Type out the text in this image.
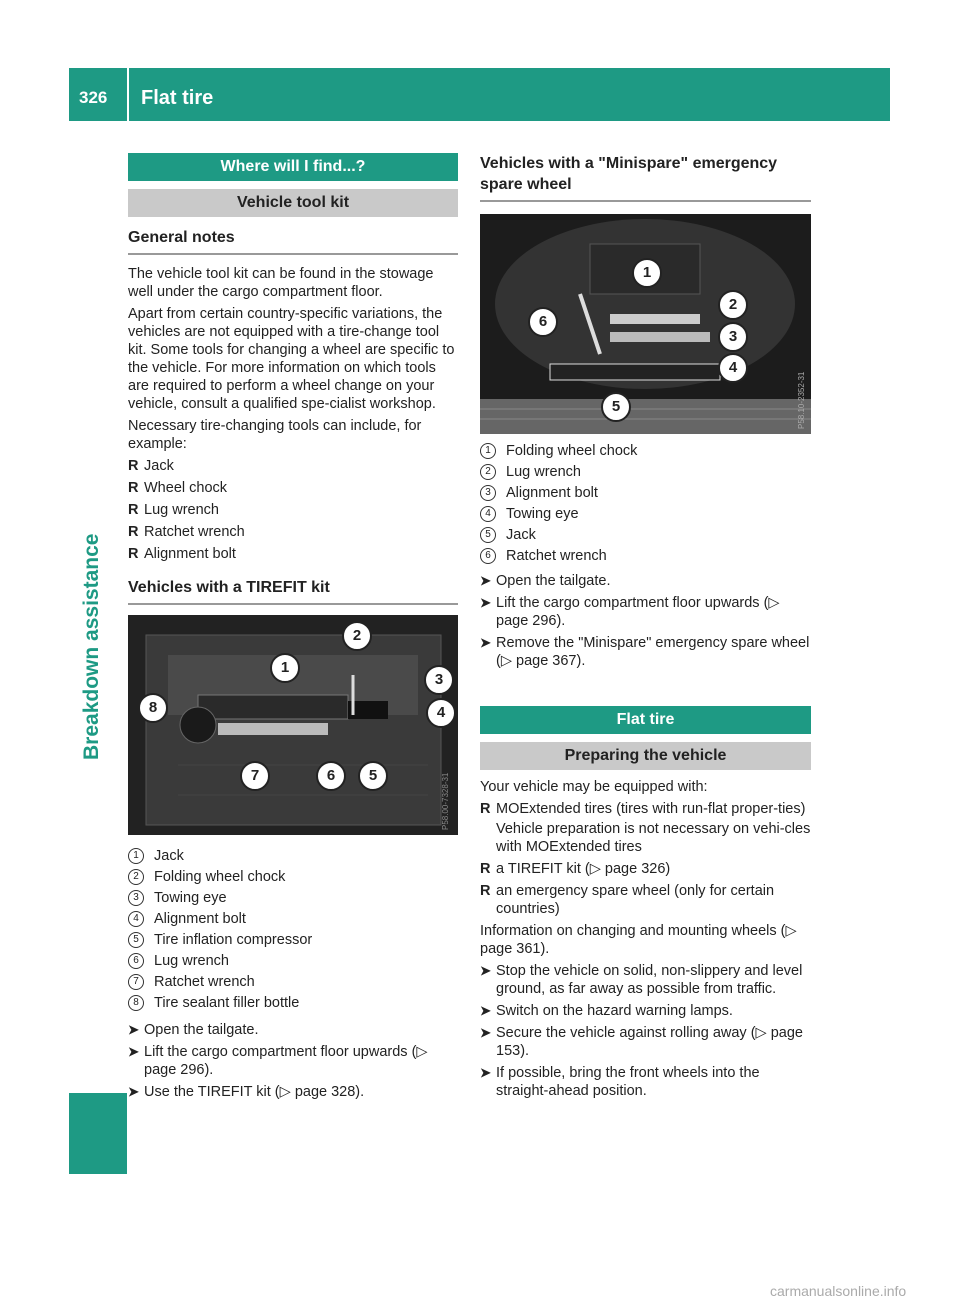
326 Flat tire
Breakdown assistance
Where will I find...?
Vehicle tool kit
General notes

The vehicle tool kit can be found in the stowage well under the cargo compartment floor.

Apart from certain country-specific variations, the vehicles are not equipped with a tire-change tool kit. Some tools for changing a wheel are specific to the vehicle. For more information on which tools are required to perform a wheel change on your vehicle, consult a qualified spe-cialist workshop.

Necessary tire-changing tools can include, for example:

R Jack
R Wheel chock
R Lug wrench
R Ratchet wrench
R Alignment bolt
Vehicles with a TIREFIT kit
P58.00-7328-31
1
2
3
4
5
6
7
8
1	Jack
2	Folding wheel chock
3	Towing eye
4	Alignment bolt
5	Tire inflation compressor
6	Lug wrench
7	Ratchet wrench
8	Tire sealant filler bottle
➤ Open the tailgate.
➤ Lift the cargo compartment floor upwards (▷ page 296).
➤ Use the TIREFIT kit (▷ page 328).
Vehicles with a "Minispare" emergency spare wheel
P58.10-2352-31
1
2
3
4
5
6
1	Folding wheel chock
2	Lug wrench
3	Alignment bolt
4	Towing eye
5	Jack
6	Ratchet wrench
➤ Open the tailgate.
➤ Lift the cargo compartment floor upwards (▷ page 296).
➤ Remove the "Minispare" emergency spare wheel (▷ page 367).
Flat tire
Preparing the vehicle

Your vehicle may be equipped with:

R MOExtended tires (tires with run-flat proper-ties)
Vehicle preparation is not necessary on vehi-cles with MOExtended tires
R a TIREFIT kit (▷ page 326)
R an emergency spare wheel (only for certain countries)

Information on changing and mounting wheels (▷ page 361).

➤ Stop the vehicle on solid, non-slippery and level ground, as far away as possible from traffic.
➤ Switch on the hazard warning lamps.
➤ Secure the vehicle against rolling away (▷ page 153).
➤ If possible, bring the front wheels into the straight-ahead position.
carmanualsonline.info
